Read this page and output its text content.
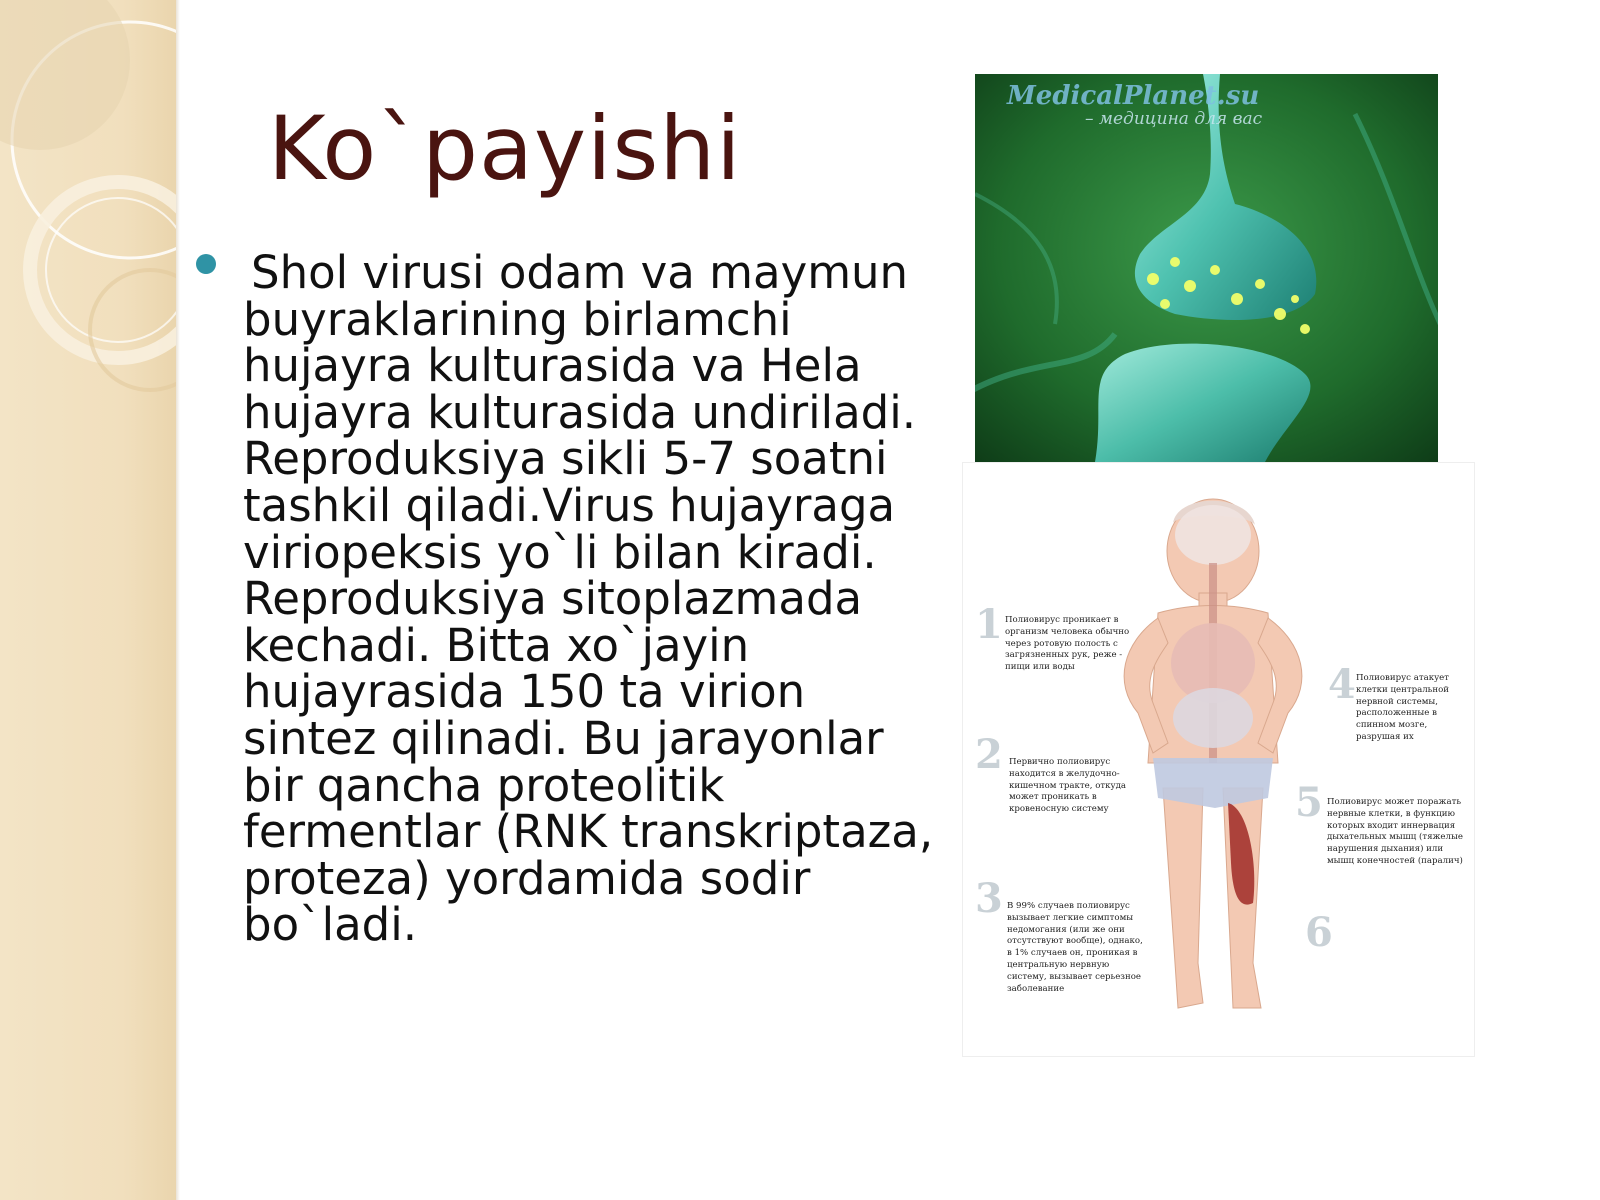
Ko`payishi

Shol virusi odam va maymun buyraklarining birlamchi hujayra kulturasida va Hela hujayra kulturasida undiriladi. Reproduksiya sikli 5-7 soatni tashkil qiladi.Virus hujayraga viriopeksis yo`li bilan kiradi. Reproduksiya sitoplazmada kechadi. Bitta xo`jayin hujayrasida 150 ta virion sintez qilinadi. Bu jarayonlar bir qancha proteolitik fermentlar (RNK transkriptaza, proteza) yordamida sodir bo`ladi.

MedicalPlanet.su
– медицина для вас
1 Полиовирус проникает в организм человека обычно через ротовую полость с загрязненных рук, реже - пищи или воды

2 Первично полиовирус находится в желудочно-кишечном тракте, откуда может проникать в кровеносную систему

3 В 99% случаев полиовирус вызывает легкие симптомы недомогания (или же они отсутствуют вообще), однако, в 1% случаев он, проникая в центральную нервную систему, вызывает серьезное заболевание

4 Полиовирус атакует клетки центральной нервной системы, расположенные в спинном мозге, разрушая их

5 Полиовирус может поражать нервные клетки, в функцию которых входит иннервация дыхательных мышц (тяжелые нарушения дыхания) или мышц конечностей (паралич)

6
